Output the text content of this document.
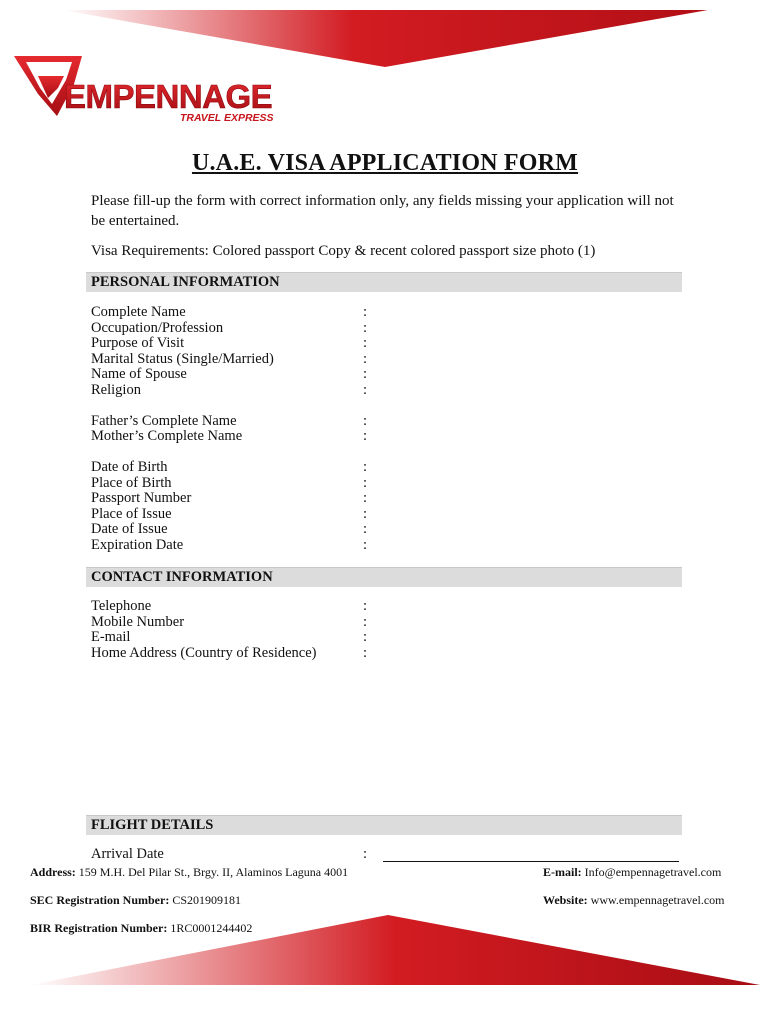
EMPENNAGE
TRAVEL EXPRESS
U.A.E. VISA APPLICATION FORM
Please fill-up the form with correct information only, any fields missing your application will not be entertained.
Visa Requirements: Colored passport Copy & recent colored passport size photo (1)
PERSONAL INFORMATION
Complete Name	:
Occupation/Profession	:
Purpose of Visit	:
Marital Status (Single/Married)	:
Name of Spouse	:
Religion	:
Father’s Complete Name	:
Mother’s Complete Name	:
Date of Birth	:
Place of Birth	:
Passport Number	:
Place of Issue	:
Date of Issue	:
Expiration Date	:
CONTACT INFORMATION
Telephone	:
Mobile Number	:
E-mail	:
Home Address (Country of Residence)	:
FLIGHT DETAILS
Arrival Date	:
Address: 159 M.H. Del Pilar St., Brgy. II, Alaminos Laguna 4001
SEC Registration Number: CS201909181
BIR Registration Number: 1RC0001244402
E-mail: Info@empennagetravel.com
Website: www.empennagetravel.com
